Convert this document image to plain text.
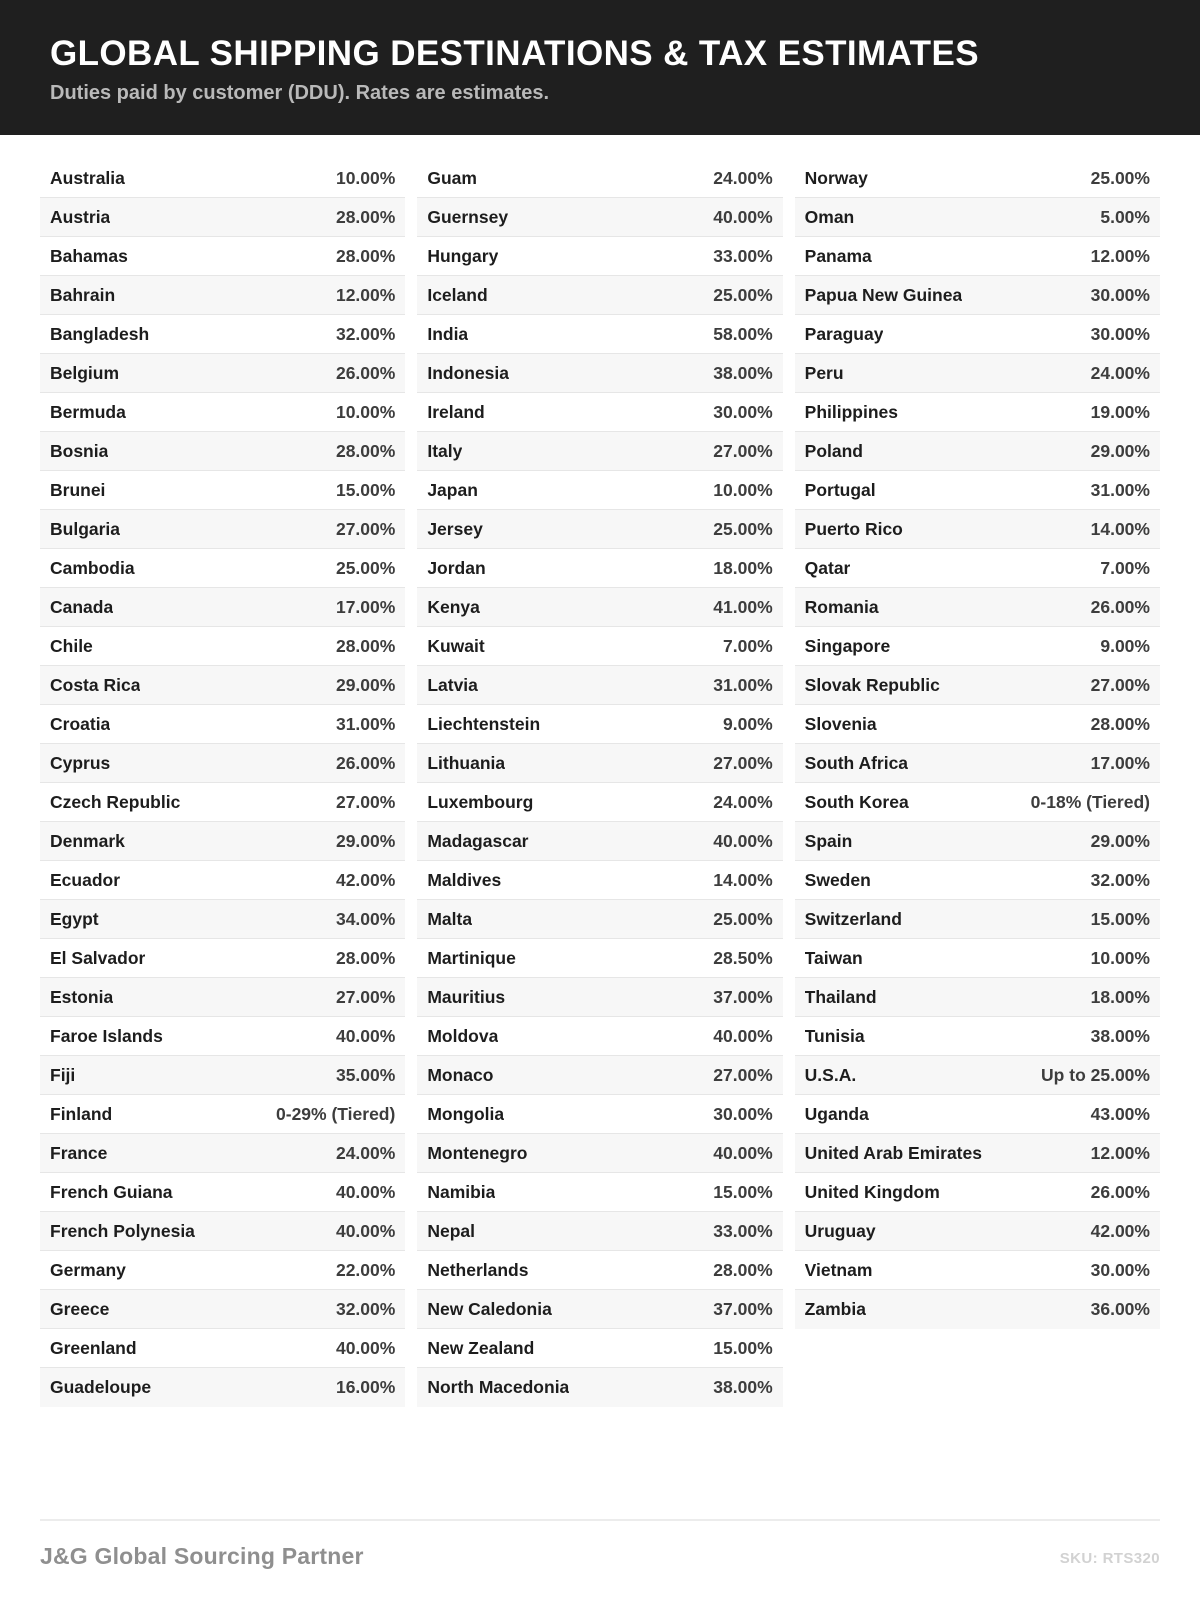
GLOBAL SHIPPING DESTINATIONS & TAX ESTIMATES

Duties paid by customer (DDU). Rates are estimates.

Australia	10.00%
Austria	28.00%
Bahamas	28.00%
Bahrain	12.00%
Bangladesh	32.00%
Belgium	26.00%
Bermuda	10.00%
Bosnia	28.00%
Brunei	15.00%
Bulgaria	27.00%
Cambodia	25.00%
Canada	17.00%
Chile	28.00%
Costa Rica	29.00%
Croatia	31.00%
Cyprus	26.00%
Czech Republic	27.00%
Denmark	29.00%
Ecuador	42.00%
Egypt	34.00%
El Salvador	28.00%
Estonia	27.00%
Faroe Islands	40.00%
Fiji	35.00%
Finland	0-29% (Tiered)
France	24.00%
French Guiana	40.00%
French Polynesia	40.00%
Germany	22.00%
Greece	32.00%
Greenland	40.00%
Guadeloupe	16.00%
Guam	24.00%
Guernsey	40.00%
Hungary	33.00%
Iceland	25.00%
India	58.00%
Indonesia	38.00%
Ireland	30.00%
Italy	27.00%
Japan	10.00%
Jersey	25.00%
Jordan	18.00%
Kenya	41.00%
Kuwait	7.00%
Latvia	31.00%
Liechtenstein	9.00%
Lithuania	27.00%
Luxembourg	24.00%
Madagascar	40.00%
Maldives	14.00%
Malta	25.00%
Martinique	28.50%
Mauritius	37.00%
Moldova	40.00%
Monaco	27.00%
Mongolia	30.00%
Montenegro	40.00%
Namibia	15.00%
Nepal	33.00%
Netherlands	28.00%
New Caledonia	37.00%
New Zealand	15.00%
North Macedonia	38.00%
Norway	25.00%
Oman	5.00%
Panama	12.00%
Papua New Guinea	30.00%
Paraguay	30.00%
Peru	24.00%
Philippines	19.00%
Poland	29.00%
Portugal	31.00%
Puerto Rico	14.00%
Qatar	7.00%
Romania	26.00%
Singapore	9.00%
Slovak Republic	27.00%
Slovenia	28.00%
South Africa	17.00%
South Korea	0-18% (Tiered)
Spain	29.00%
Sweden	32.00%
Switzerland	15.00%
Taiwan	10.00%
Thailand	18.00%
Tunisia	38.00%
U.S.A.	Up to 25.00%
Uganda	43.00%
United Arab Emirates	12.00%
United Kingdom	26.00%
Uruguay	42.00%
Vietnam	30.00%
Zambia	36.00%
J&G Global Sourcing Partner	SKU: RTS320
